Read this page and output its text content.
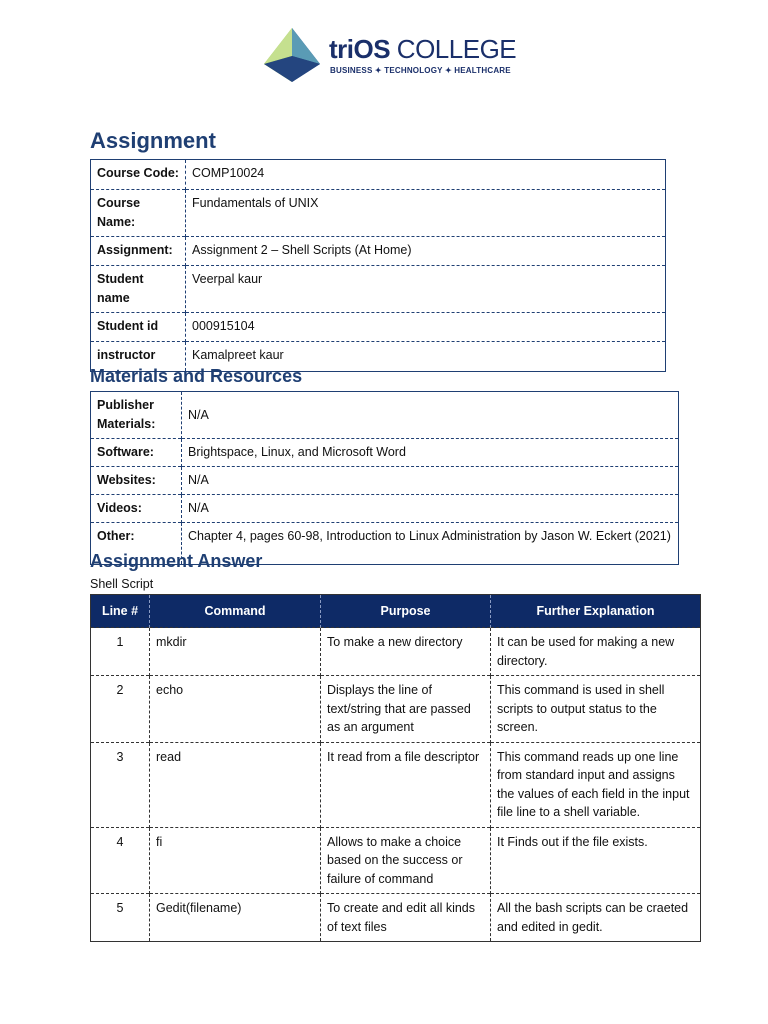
triOS COLLEGE
BUSINESS ✦ TECHNOLOGY ✦ HEALTHCARE
Assignment
Course Code:	COMP10024
Course Name:	Fundamentals of UNIX
Assignment:	Assignment 2 – Shell Scripts (At Home)
Student name	Veerpal kaur
Student id	000915104
instructor	Kamalpreet kaur
Materials and Resources
Publisher Materials:	N/A
Software:	Brightspace, Linux, and Microsoft Word
Websites:	N/A
Videos:	N/A
Other:	Chapter 4, pages 60-98, Introduction to Linux Administration by Jason W. Eckert (2021)
Assignment Answer
Shell Script
Line #	Command	Purpose	Further Explanation
1	mkdir	To make a new directory	It can be used for making a new directory.
2	echo	Displays the line of text/string that are passed as an argument	This command is used in shell scripts to output status to the screen.
3	read	It read from a file descriptor	This command reads up one line from standard input and assigns the values of each field in the input file line to a shell variable.
4	fi	Allows to make a choice based on the success or failure of command	It Finds out if the file exists.
5	Gedit(filename)	To create and edit all kinds of text files	All the bash scripts can be craeted and edited in gedit.
